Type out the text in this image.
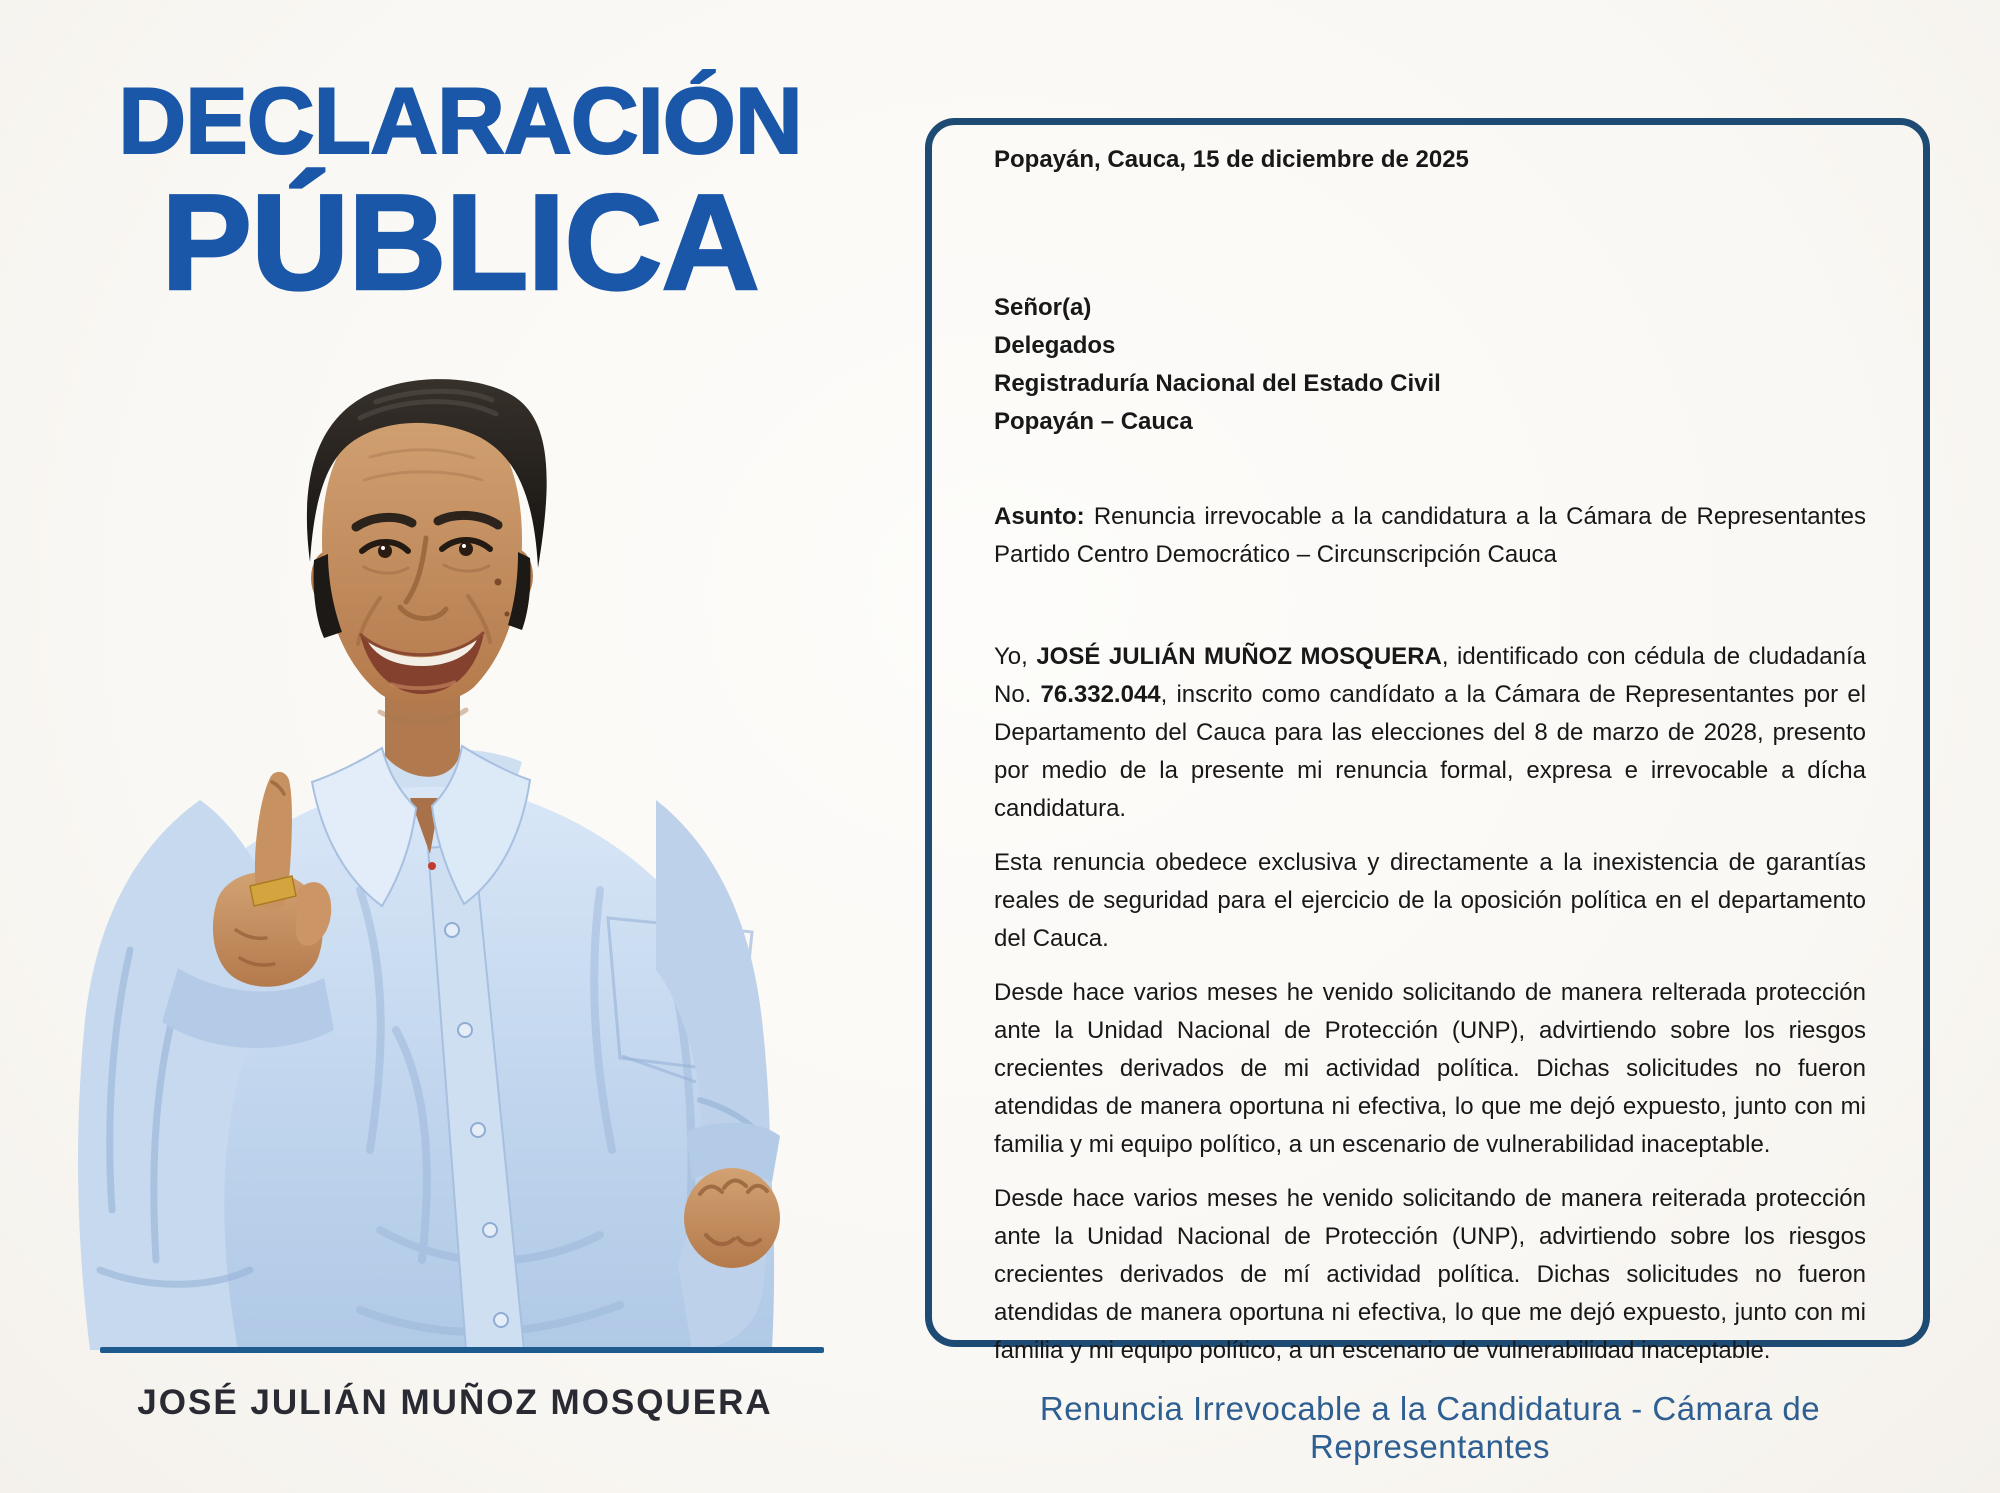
DECLARACIÓN
PÚBLICA
JOSÉ JULIÁN MUÑOZ MOSQUERA

Popayán, Cauca, 15 de diciembre de 2025

Señor(a)
Delegados
Registraduría Nacional del Estado Civil
Popayán – Cauca

Asunto: Renuncia irrevocable a la candidatura a la Cámara de Representantes Partido Centro Democrático – Circunscripción Cauca

Yo, JOSÉ JULIÁN MUÑOZ MOSQUERA, identificado con cédula de cludadanía No. 76.332.044, inscrito como candídato a la Cámara de Representantes por el Departamento del Cauca para las elecciones del 8 de marzo de 2028, presento por medio de la presente mi renuncia formal, expresa e irrevocable a dícha candidatura.

Esta renuncia obedece exclusiva y directamente a la inexistencia de garantías reales de seguridad para el ejercicio de la oposición política en el departamento del Cauca.

Desde hace varios meses he venido solicitando de manera relterada protección ante la Unidad Nacional de Protección (UNP), advirtiendo sobre los riesgos crecientes derivados de mi actividad política. Dichas solicitudes no fueron atendidas de manera oportuna ni efectiva, lo que me dejó expuesto, junto con mi familia y mi equipo político, a un escenario de vulnerabilidad inaceptable.

Desde hace varios meses he venido solicitando de manera reiterada protección ante la Unidad Nacional de Protección (UNP), advirtiendo sobre los riesgos crecientes derivados de mí actividad política. Dichas solicitudes no fueron atendidas de manera oportuna ni efectiva, lo que me dejó expuesto, junto con mi familia y mi equipo político, a un escenario de vulnerabilidad inaceptable.

Renuncia Irrevocable a la Candidatura - Cámara de Representantes
